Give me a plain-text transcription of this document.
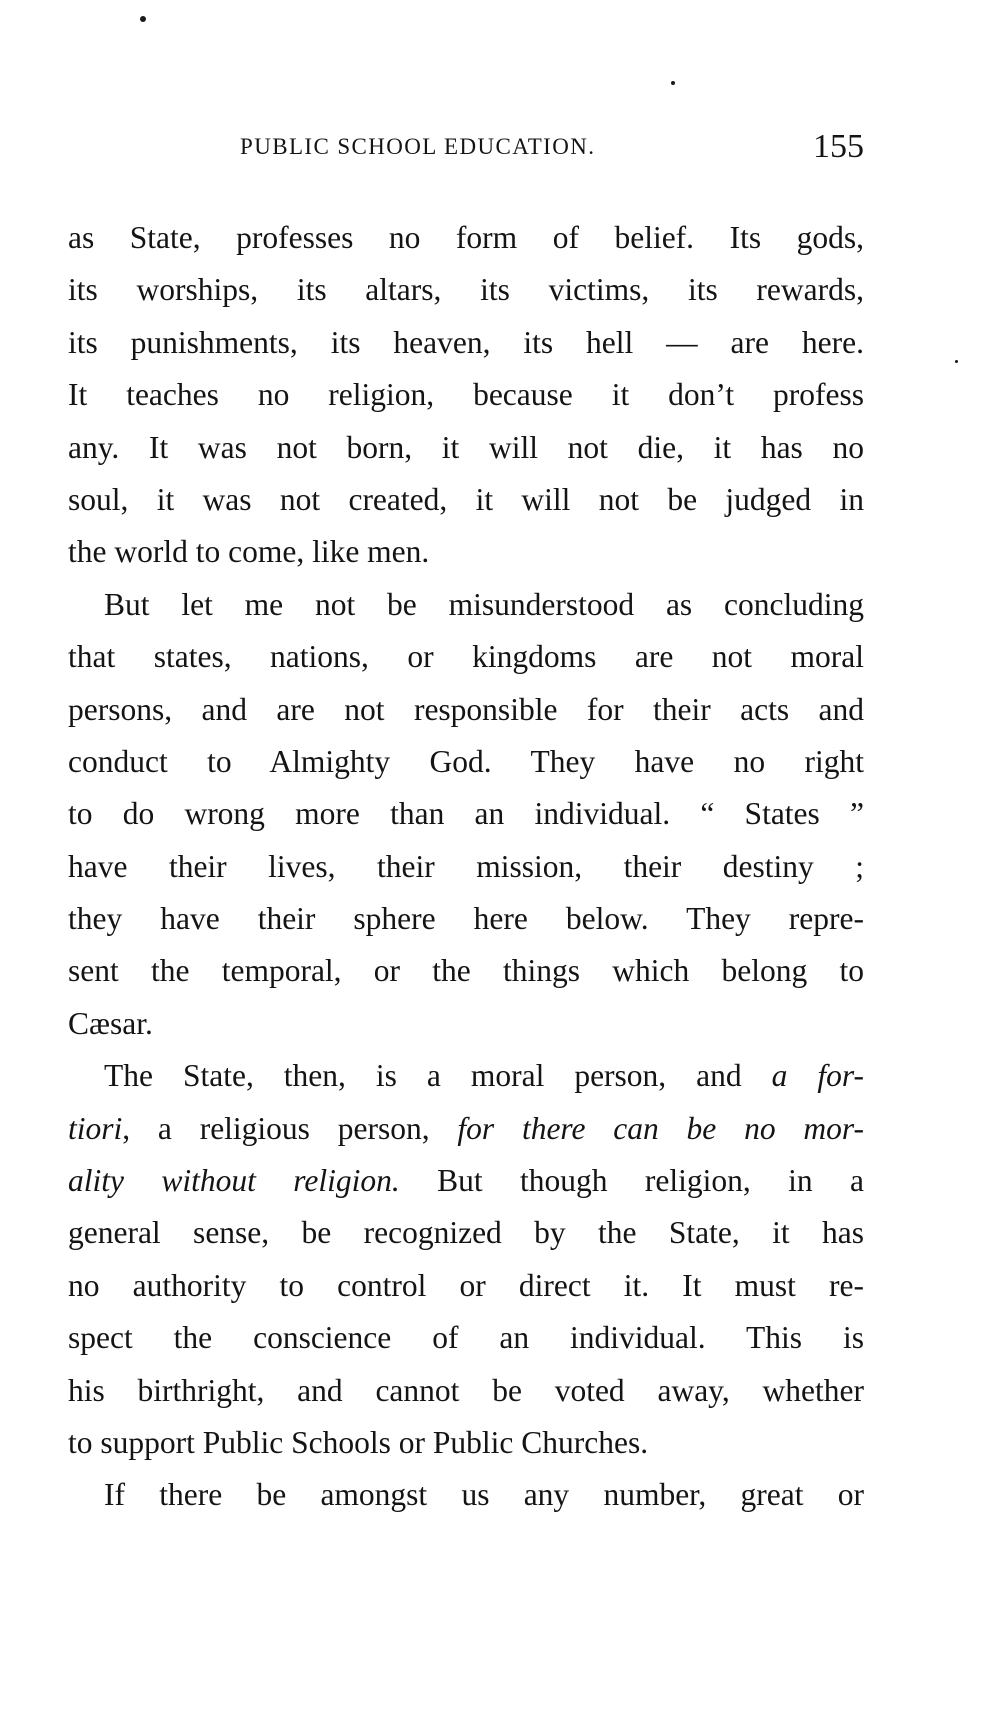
PUBLIC SCHOOL EDUCATION.	155
as State, professes no form of belief. Its gods,
its worships, its altars, its victims, its rewards,
its punishments, its heaven, its hell — are here.
It teaches no religion, because it don’t profess
any. It was not born, it will not die, it has no
soul, it was not created, it will not be judged in
the world to come, like men.
But let me not be misunderstood as concluding
that states, nations, or kingdoms are not moral
persons, and are not responsible for their acts and
conduct to Almighty God. They have no right
to do wrong more than an individual. “ States ”
have their lives, their mission, their destiny ;
they have their sphere here below. They repre-
sent the temporal, or the things which belong to
Cæsar.
The State, then, is a moral person, and a for-
tiori, a religious person, for there can be no mor-
ality without religion. But though religion, in a
general sense, be recognized by the State, it has
no authority to control or direct it. It must re-
spect the conscience of an individual. This is
his birthright, and cannot be voted away, whether
to support Public Schools or Public Churches.
If there be amongst us any number, great or
